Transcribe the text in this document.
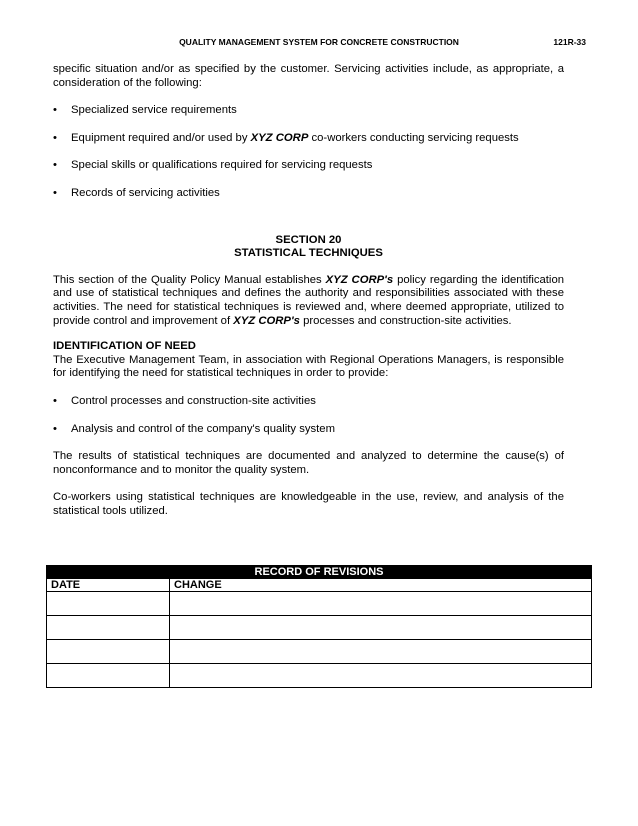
QUALITY MANAGEMENT SYSTEM FOR CONCRETE CONSTRUCTION	121R-33

specific situation and/or as specified by the customer. Servicing activities include, as appropriate, a consideration of the following:

• Specialized service requirements

• Equipment required and/or used by XYZ CORP co-workers conducting servicing requests

• Special skills or qualifications required for servicing requests

• Records of servicing activities

SECTION 20

STATISTICAL TECHNIQUES

This section of the Quality Policy Manual establishes XYZ CORP's policy regarding the identification and use of statistical techniques and defines the authority and responsibilities associated with these activities. The need for statistical techniques is reviewed and, where deemed appropriate, utilized to provide control and improvement of XYZ CORP's processes and construction-site activities.

IDENTIFICATION OF NEED

The Executive Management Team, in association with Regional Operations Managers, is responsible for identifying the need for statistical techniques in order to provide:

• Control processes and construction-site activities

• Analysis and control of the company's quality system

The results of statistical techniques are documented and analyzed to determine the cause(s) of nonconformance and to monitor the quality system.

Co-workers using statistical techniques are knowledgeable in the use, review, and analysis of the statistical tools utilized.

RECORD OF REVISIONS	
DATE	CHANGE
